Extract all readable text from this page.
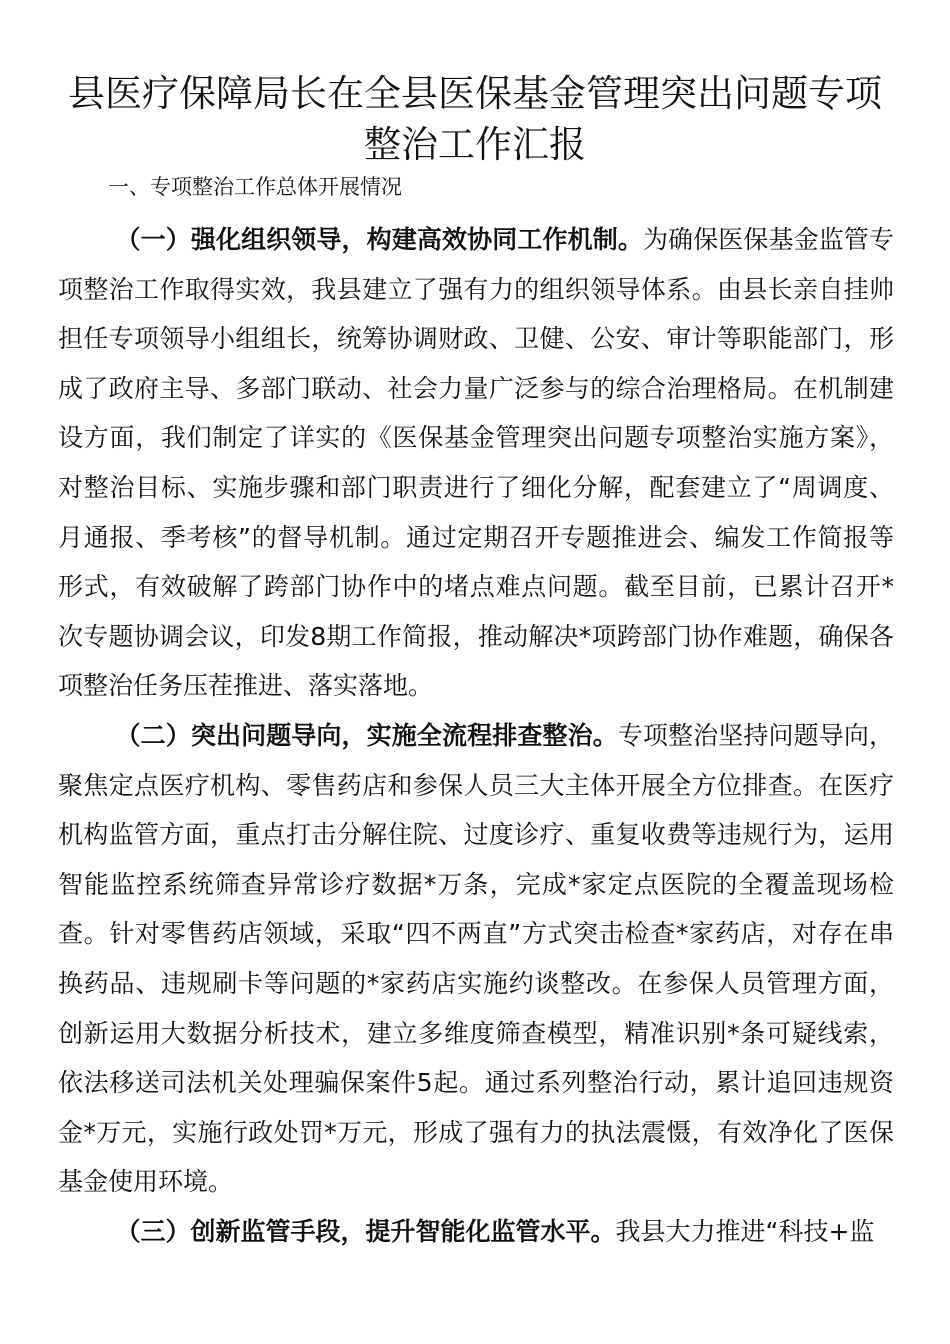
县医疗保障局长在全县医保基金管理突出问题专项整治工作汇报

一、专项整治工作总体开展情况

（一）强化组织领导，构建高效协同工作机制。为确保医保基金监管专项整治工作取得实效，我县建立了强有力的组织领导体系。由县长亲自挂帅担任专项领导小组组长，统筹协调财政、卫健、公安、审计等职能部门，形成了政府主导、多部门联动、社会力量广泛参与的综合治理格局。在机制建设方面，我们制定了详实的《医保基金管理突出问题专项整治实施方案》，对整治目标、实施步骤和部门职责进行了细化分解，配套建立了“周调度、月通报、季考核”的督导机制。通过定期召开专题推进会、编发工作简报等形式，有效破解了跨部门协作中的堵点难点问题。截至目前，已累计召开*次专题协调会议，印发8期工作简报，推动解决*项跨部门协作难题，确保各项整治任务压茬推进、落实落地。

（二）突出问题导向，实施全流程排查整治。专项整治坚持问题导向，聚焦定点医疗机构、零售药店和参保人员三大主体开展全方位排查。在医疗机构监管方面，重点打击分解住院、过度诊疗、重复收费等违规行为，运用智能监控系统筛查异常诊疗数据*万条，完成*家定点医院的全覆盖现场检查。针对零售药店领域，采取“四不两直”方式突击检查*家药店，对存在串换药品、违规刷卡等问题的*家药店实施约谈整改。在参保人员管理方面，创新运用大数据分析技术，建立多维度筛查模型，精准识别*条可疑线索，依法移送司法机关处理骗保案件5起。通过系列整治行动，累计追回违规资金*万元，实施行政处罚*万元，形成了强有力的执法震慑，有效净化了医保基金使用环境。

（三）创新监管手段，提升智能化监管水平。我县大力推进“科技+监
